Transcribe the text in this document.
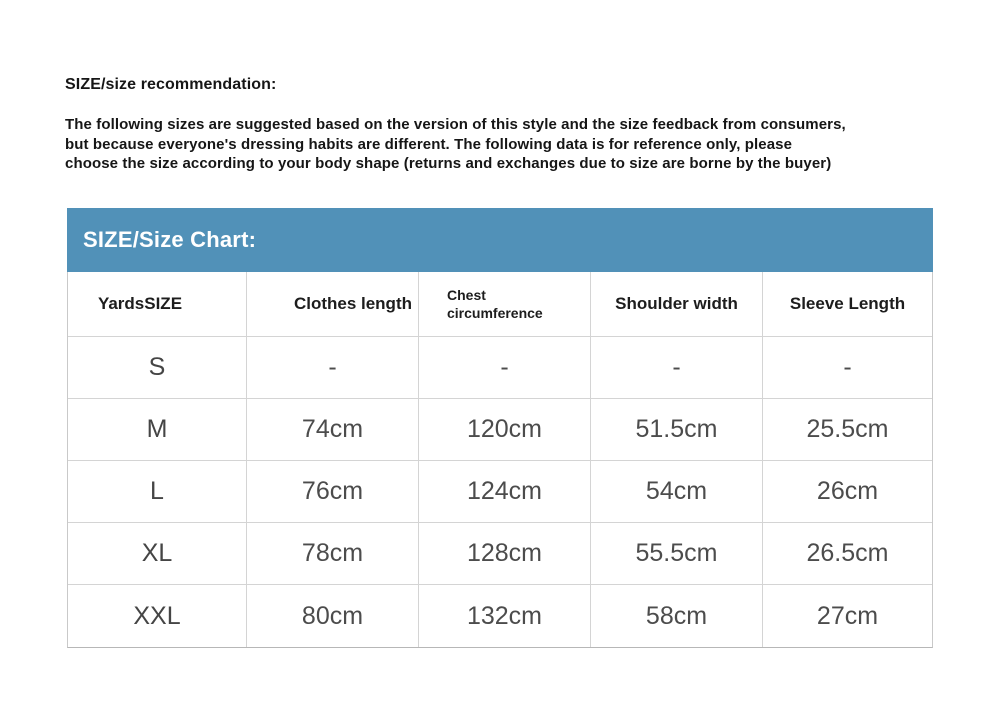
SIZE/size recommendation:
The following sizes are suggested based on the version of this style and the size feedback from consumers,
but because everyone's dressing habits are different. The following data is for reference only, please
choose the size according to your body shape (returns and exchanges due to size are borne by the buyer)
SIZE/Size Chart:
YardsSIZE	Clothes length	Chest circumference	Shoulder width	Sleeve Length
S	-	-	-	-
M	74cm	120cm	51.5cm	25.5cm
L	76cm	124cm	54cm	26cm
XL	78cm	128cm	55.5cm	26.5cm
XXL	80cm	132cm	58cm	27cm
